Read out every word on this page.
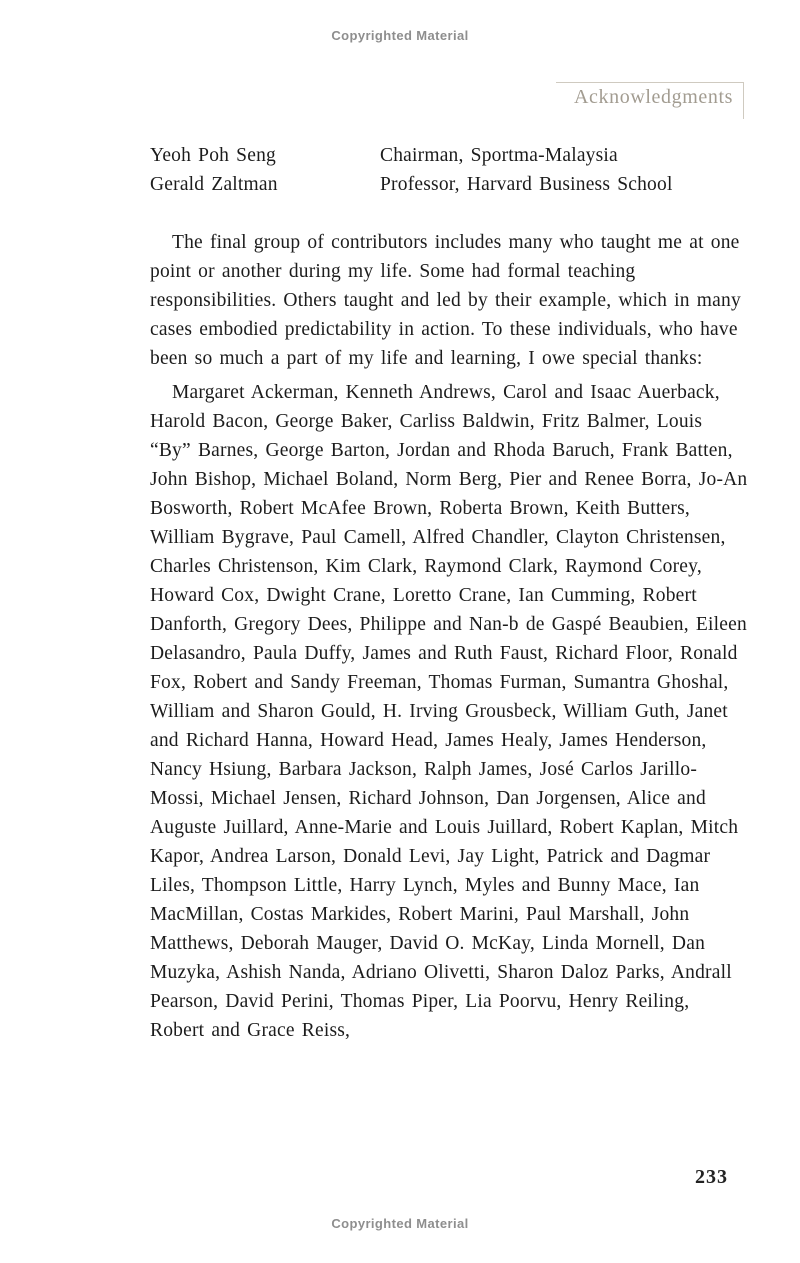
Copyrighted Material
Acknowledgments
Yeoh Poh Seng	Chairman, Sportma-Malaysia
Gerald Zaltman	Professor, Harvard Business School

The final group of contributors includes many who taught me at one point or another during my life. Some had formal teaching responsibilities. Others taught and led by their example, which in many cases embodied predictability in action. To these individuals, who have been so much a part of my life and learning, I owe special thanks:

Margaret Ackerman, Kenneth Andrews, Carol and Isaac Auerback, Harold Bacon, George Baker, Carliss Baldwin, Fritz Balmer, Louis “By” Barnes, George Barton, Jordan and Rhoda Baruch, Frank Batten, John Bishop, Michael Boland, Norm Berg, Pier and Renee Borra, Jo-An Bosworth, Robert McAfee Brown, Roberta Brown, Keith Butters, William Bygrave, Paul Camell, Alfred Chandler, Clayton Christensen, Charles Christenson, Kim Clark, Raymond Clark, Raymond Corey, Howard Cox, Dwight Crane, Loretto Crane, Ian Cumming, Robert Danforth, Gregory Dees, Philippe and Nan-b de Gaspé Beaubien, Eileen Delasandro, Paula Duffy, James and Ruth Faust, Richard Floor, Ronald Fox, Robert and Sandy Freeman, Thomas Furman, Sumantra Ghoshal, William and Sharon Gould, H. Irving Grousbeck, William Guth, Janet and Richard Hanna, Howard Head, James Healy, James Henderson, Nancy Hsiung, Barbara Jackson, Ralph James, José Carlos Jarillo-Mossi, Michael Jensen, Richard Johnson, Dan Jorgensen, Alice and Auguste Juillard, Anne-Marie and Louis Juillard, Robert Kaplan, Mitch Kapor, Andrea Larson, Donald Levi, Jay Light, Patrick and Dagmar Liles, Thompson Little, Harry Lynch, Myles and Bunny Mace, Ian MacMillan, Costas Markides, Robert Marini, Paul Marshall, John Matthews, Deborah Mauger, David O. McKay, Linda Mornell, Dan Muzyka, Ashish Nanda, Adriano Olivetti, Sharon Daloz Parks, Andrall Pearson, David Perini, Thomas Piper, Lia Poorvu, Henry Reiling, Robert and Grace Reiss,

233
Copyrighted Material
